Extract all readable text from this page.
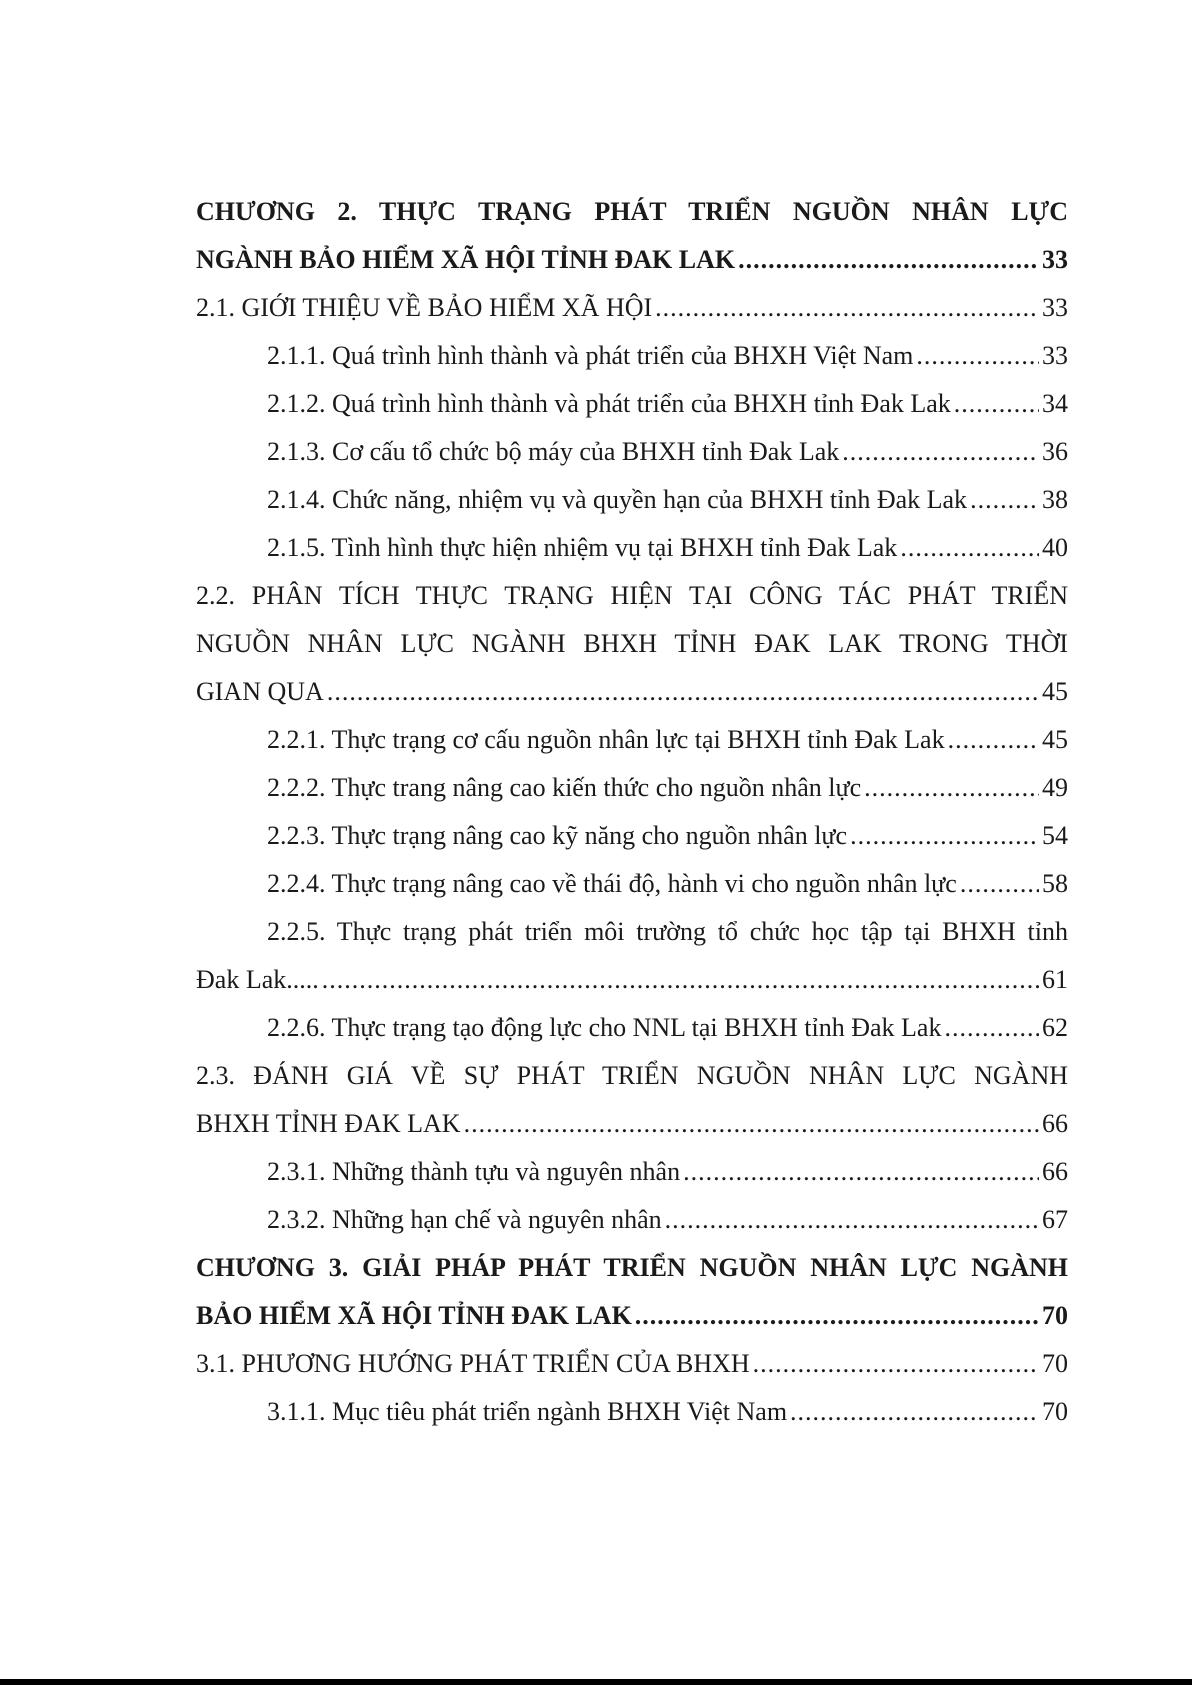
CHƯƠNG 2. THỰC TRẠNG PHÁT TRIỂN NGUỒN NHÂN LỰC
NGÀNH BẢO HIỂM XÃ HỘI TỈNH ĐAK LAK .....	33
2.1. GIỚI THIỆU VỀ BẢO HIỂM XÃ HỘI .....	33
2.1.1. Quá trình hình thành và phát triển của BHXH Việt Nam .....	33
2.1.2. Quá trình hình thành và phát triển của BHXH tỉnh Đak Lak .....	34
2.1.3. Cơ cấu tổ chức bộ máy của BHXH tỉnh Đak Lak .....	36
2.1.4. Chức năng, nhiệm vụ và quyền hạn của BHXH tỉnh Đak Lak .....	38
2.1.5. Tình hình thực hiện nhiệm vụ tại BHXH tỉnh Đak Lak .....	40
2.2. PHÂN TÍCH THỰC TRẠNG HIỆN TẠI CÔNG TÁC PHÁT TRIỂN
NGUỒN NHÂN LỰC NGÀNH BHXH TỈNH ĐAK LAK TRONG THỜI
GIAN QUA .....	45
2.2.1. Thực trạng cơ cấu nguồn nhân lực tại BHXH tỉnh Đak Lak .....	45
2.2.2. Thực trang nâng cao kiến thức cho nguồn nhân lực .....	49
2.2.3. Thực trạng nâng cao kỹ năng cho nguồn nhân lực .....	54
2.2.4. Thực trạng nâng cao về thái độ, hành vi cho nguồn nhân lực .....	58
2.2.5. Thực trạng phát triển môi trường tổ chức học tập tại BHXH tỉnh
Đak Lak..... .....	61
2.2.6. Thực trạng tạo động lực cho NNL tại BHXH tỉnh Đak Lak .....	62
2.3. ĐÁNH GIÁ VỀ SỰ PHÁT TRIỂN NGUỒN NHÂN LỰC NGÀNH
BHXH TỈNH ĐAK LAK .....	66
2.3.1. Những thành tựu và nguyên nhân .....	66
2.3.2. Những hạn chế và nguyên nhân .....	67
CHƯƠNG 3. GIẢI PHÁP PHÁT TRIỂN NGUỒN NHÂN LỰC NGÀNH
BẢO HIỂM XÃ HỘI TỈNH ĐAK LAK .....	70
3.1. PHƯƠNG HƯỚNG PHÁT TRIỂN CỦA BHXH .....	70
3.1.1. Mục tiêu phát triển ngành BHXH Việt Nam .....	70
